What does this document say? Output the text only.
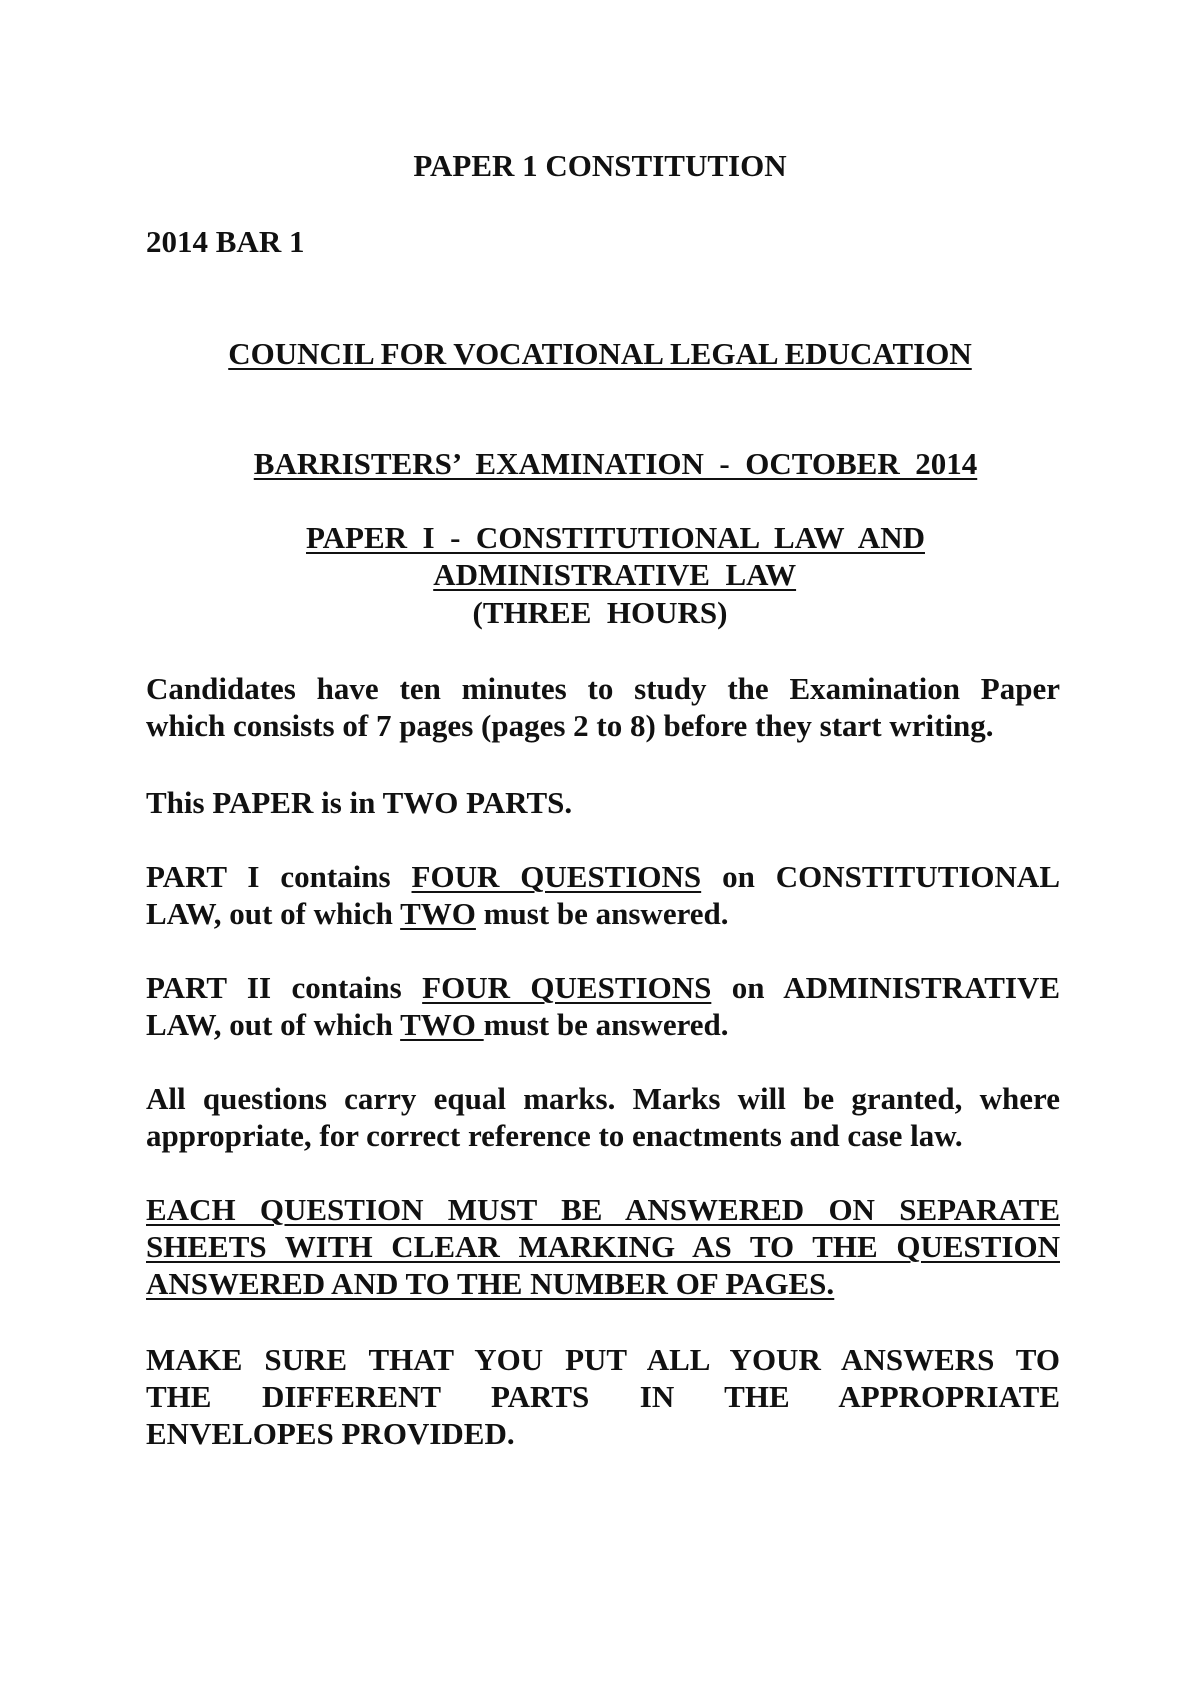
PAPER 1 CONSTITUTION
2014 BAR 1
COUNCIL FOR VOCATIONAL LEGAL EDUCATION

BARRISTERS’  EXAMINATION  -  OCTOBER  2014

PAPER  I  -  CONSTITUTIONAL  LAW  AND

ADMINISTRATIVE  LAW

(THREE  HOURS)
Candidates have ten minutes to study the Examination Paper
which consists of 7 pages (pages 2 to 8) before they start writing.
This PAPER is in TWO PARTS.
PART I contains FOUR QUESTIONS on CONSTITUTIONAL
LAW, out of which TWO must be answered.
PART II contains FOUR QUESTIONS on ADMINISTRATIVE
LAW, out of which TWO must be answered.
All questions carry equal marks. Marks will be granted, where
appropriate, for correct reference to enactments and case law.
EACH QUESTION MUST BE ANSWERED ON SEPARATE
SHEETS WITH CLEAR MARKING AS TO THE QUESTION
ANSWERED AND TO THE NUMBER OF PAGES.
MAKE SURE THAT YOU PUT ALL YOUR ANSWERS TO
THE DIFFERENT PARTS IN THE APPROPRIATE
ENVELOPES PROVIDED.
